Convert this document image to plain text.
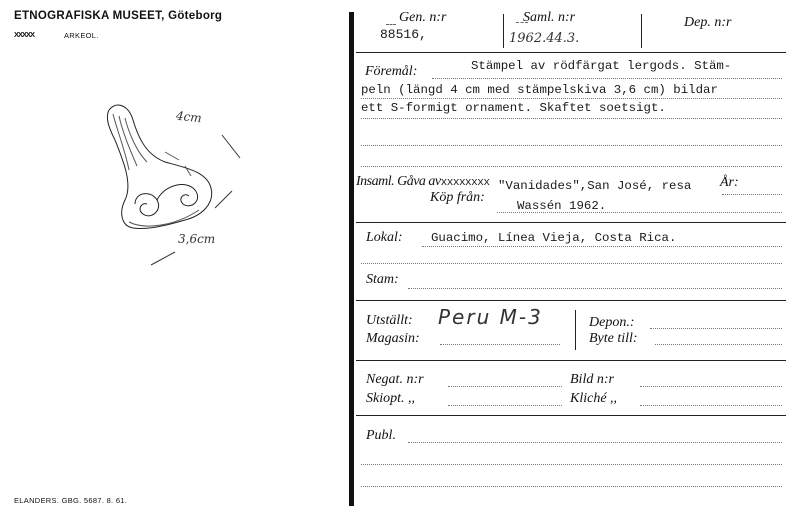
ETNOGRAFISKA MUSEET, Göteborg
XXXXX	ARKEOL.
4cm
3,6cm
ELANDERS. GBG. 5687. 8. 61.
Gen. n:r
88516,
Saml. n:r
1962.44.3.
Dep. n:r
Föremål:	Stämpel av rödfärgat lergods. Stäm-
peln (längd 4 cm med stämpelskiva 3,6 cm) bildar
ett S-formigt ornament. Skaftet soetsigt.
Insaml. Gåva avxxxxxxxx "Vanidades",San José, resa År:
Köp från:
Wassén 1962.
Lokal: Guacimo, Línea Vieja, Costa Rica.
Stam:
Utställt: Peru M-3
Magasin:
Depon.:
Byte till:
Negat. n:r
Skiopt. ,,
Bild n:r
Kliché ,,
Publ.
